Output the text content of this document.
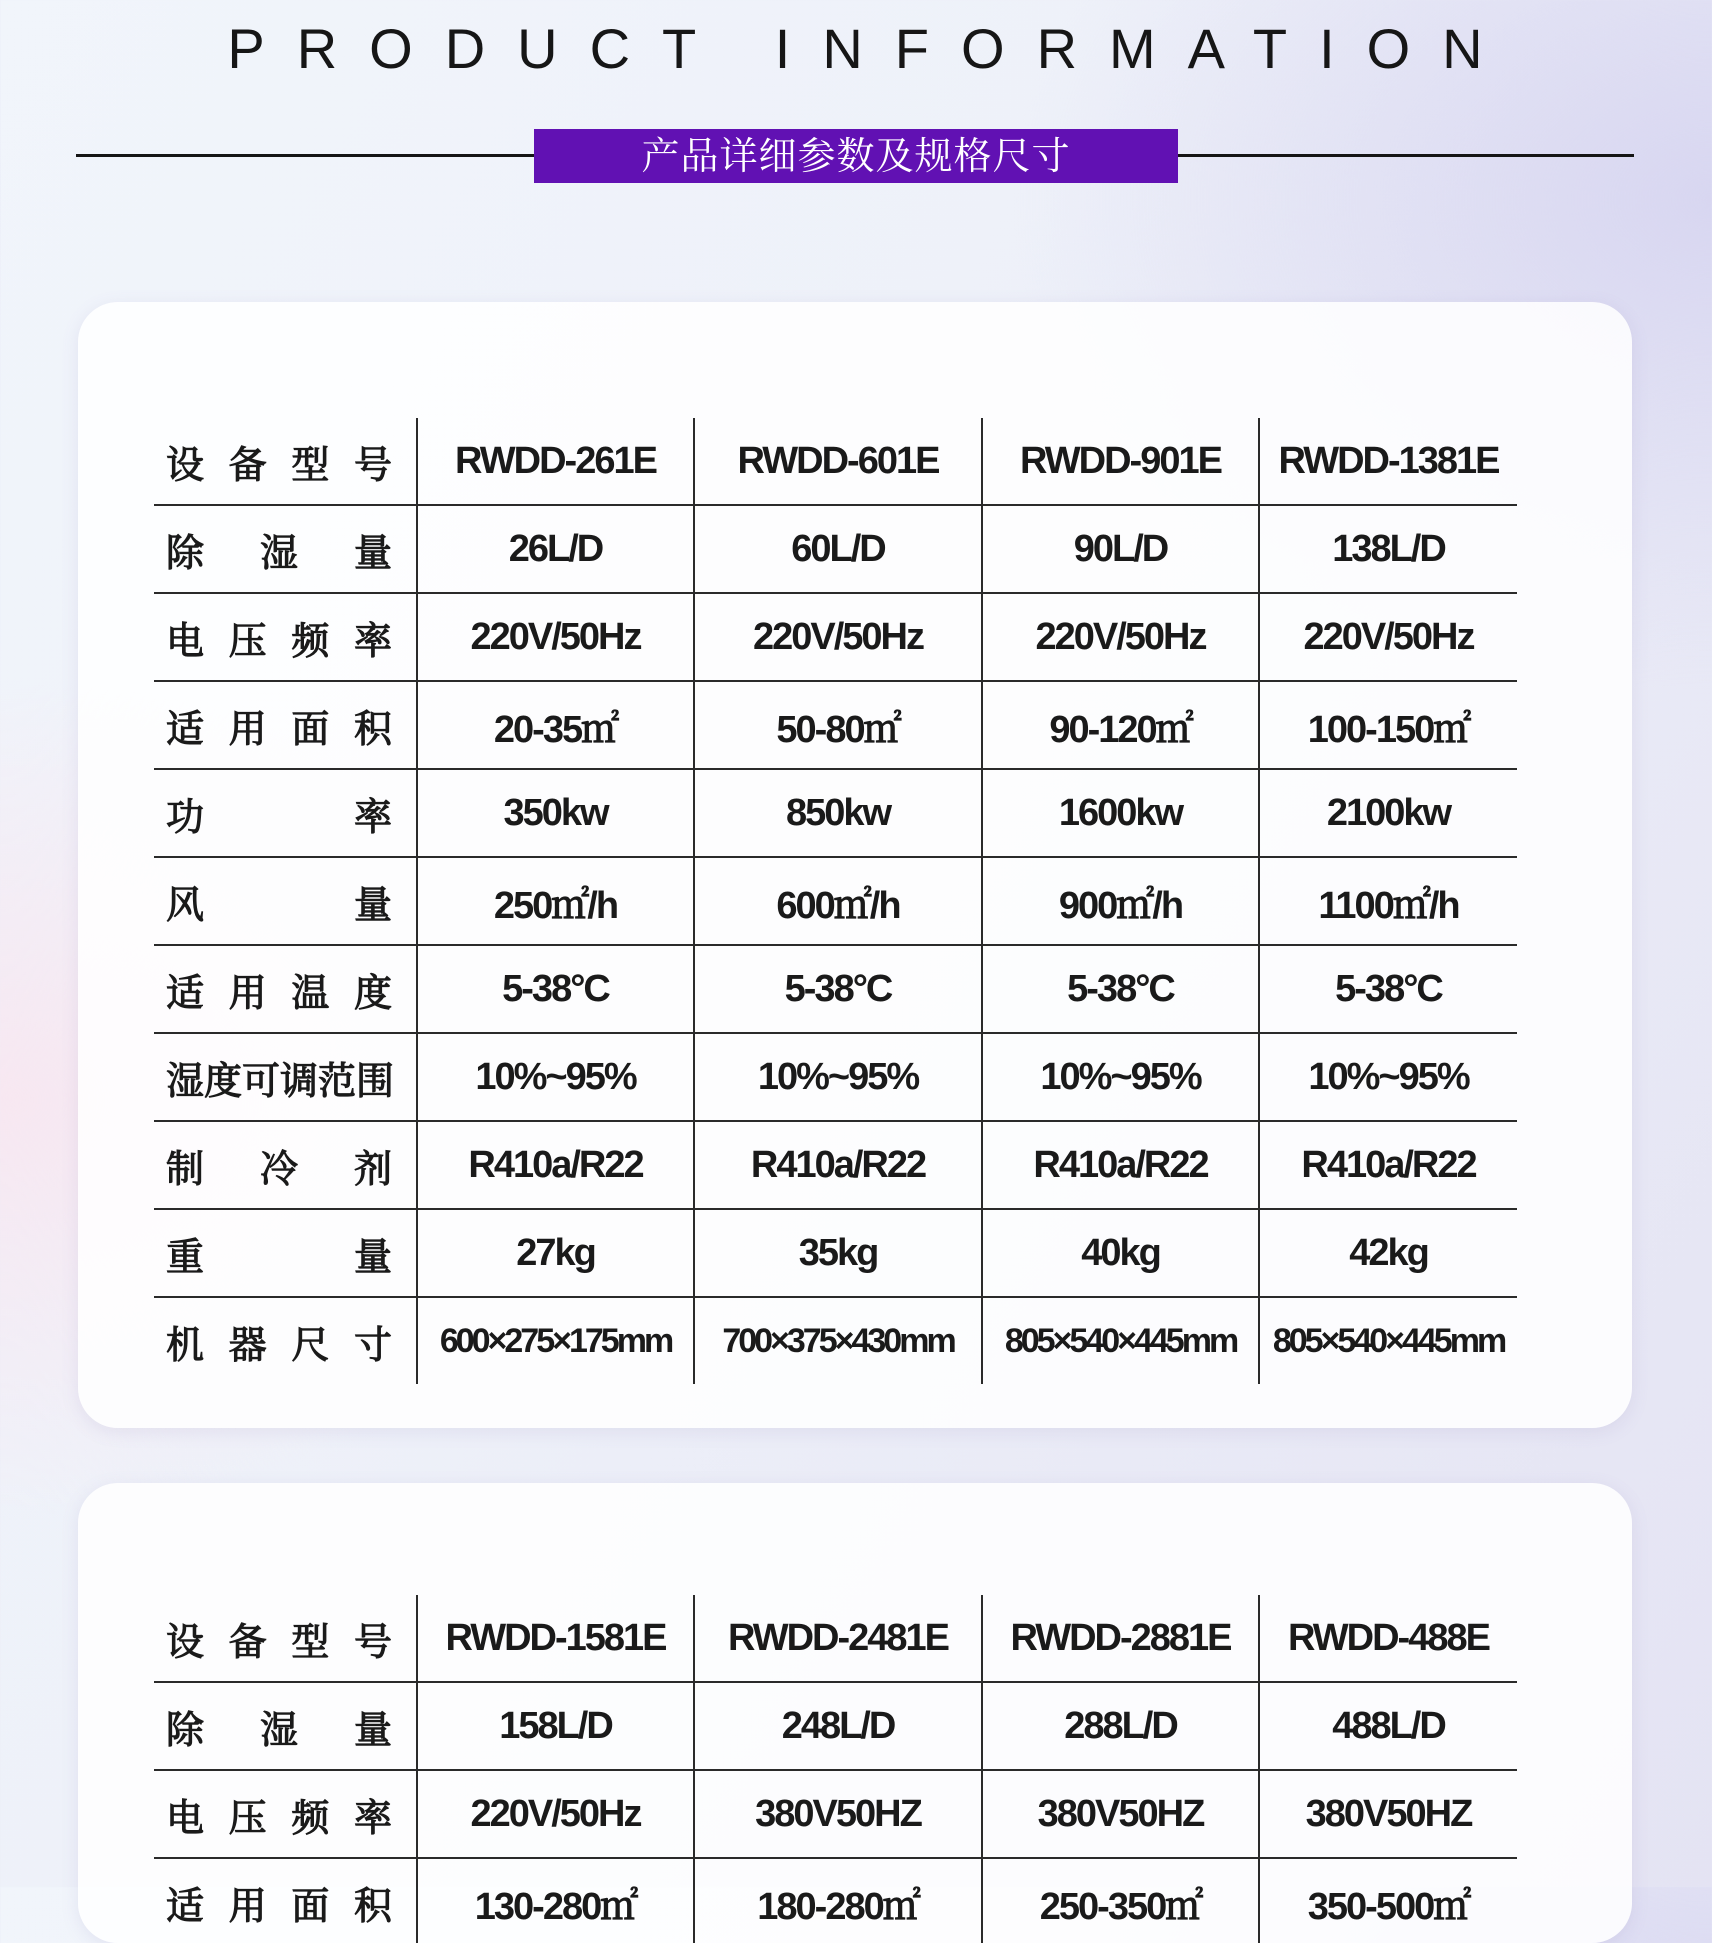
PRODUCT INFORMATION
产品详细参数及规格尺寸
设 备 型 号	RWDD-261E	RWDD-601E	RWDD-901E	RWDD-1381E

除 湿 量	26L/D	60L/D	90L/D	138L/D

电 压 频 率	220V/50Hz	220V/50Hz	220V/50Hz	220V/50Hz

适 用 面 积	20-35㎡	50-80㎡	90-120㎡	100-150㎡

功 率	350kw	850kw	1600kw	2100kw

风 量	250㎡/h	600㎡/h	900㎡/h	1100㎡/h

适 用 温 度	5-38°C	5-38°C	5-38°C	5-38°C

湿度可调范围	10%~95%	10%~95%	10%~95%	10%~95%

制 冷 剂	R410a/R22	R410a/R22	R410a/R22	R410a/R22

重 量	27kg	35kg	40kg	42kg

机 器 尺 寸	600×275×175mm	700×375×430mm	805×540×445mm	805×540×445mm
设 备 型 号	RWDD-1581E	RWDD-2481E	RWDD-2881E	RWDD-488E

除 湿 量	158L/D	248L/D	288L/D	488L/D

电 压 频 率	220V/50Hz	380V50HZ	380V50HZ	380V50HZ

适 用 面 积	130-280㎡	180-280㎡	250-350㎡	350-500㎡
